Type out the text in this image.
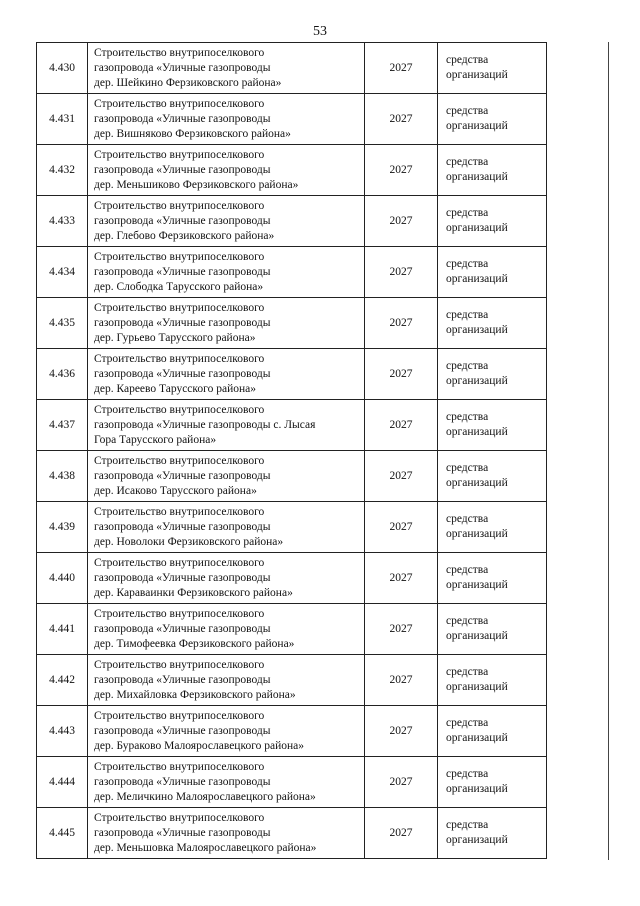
53
4.430	Строительство внутрипоселкового
газопровода «Уличные газопроводы
дер. Шейкино Ферзиковского района»	2027	средства
организаций

4.431	Строительство внутрипоселкового
газопровода «Уличные газопроводы
дер. Вишняково Ферзиковского района»	2027	средства
организаций

4.432	Строительство внутрипоселкового
газопровода «Уличные газопроводы
дер. Меньшиково Ферзиковского района»	2027	средства
организаций

4.433	Строительство внутрипоселкового
газопровода «Уличные газопроводы
дер. Глебово Ферзиковского района»	2027	средства
организаций

4.434	Строительство внутрипоселкового
газопровода «Уличные газопроводы
дер. Слободка Тарусского района»	2027	средства
организаций

4.435	Строительство внутрипоселкового
газопровода «Уличные газопроводы
дер. Гурьево Тарусского района»	2027	средства
организаций

4.436	Строительство внутрипоселкового
газопровода «Уличные газопроводы
дер. Кареево Тарусского района»	2027	средства
организаций

4.437	Строительство внутрипоселкового
газопровода «Уличные газопроводы с. Лысая
Гора Тарусского района»	2027	средства
организаций

4.438	Строительство внутрипоселкового
газопровода «Уличные газопроводы
дер. Исаково Тарусского района»	2027	средства
организаций

4.439	Строительство внутрипоселкового
газопровода «Уличные газопроводы
дер. Новолоки Ферзиковского района»	2027	средства
организаций

4.440	Строительство внутрипоселкового
газопровода «Уличные газопроводы
дер. Караваинки Ферзиковского района»	2027	средства
организаций

4.441	Строительство внутрипоселкового
газопровода «Уличные газопроводы
дер. Тимофеевка Ферзиковского района»	2027	средства
организаций

4.442	Строительство внутрипоселкового
газопровода «Уличные газопроводы
дер. Михайловка Ферзиковского района»	2027	средства
организаций

4.443	Строительство внутрипоселкового
газопровода «Уличные газопроводы
дер. Бураково Малоярославецкого района»	2027	средства
организаций

4.444	Строительство внутрипоселкового
газопровода «Уличные газопроводы
дер. Меличкино Малоярославецкого района»	2027	средства
организаций

4.445	Строительство внутрипоселкового
газопровода «Уличные газопроводы
дер. Меньшовка Малоярославецкого района»	2027	средства
организаций
